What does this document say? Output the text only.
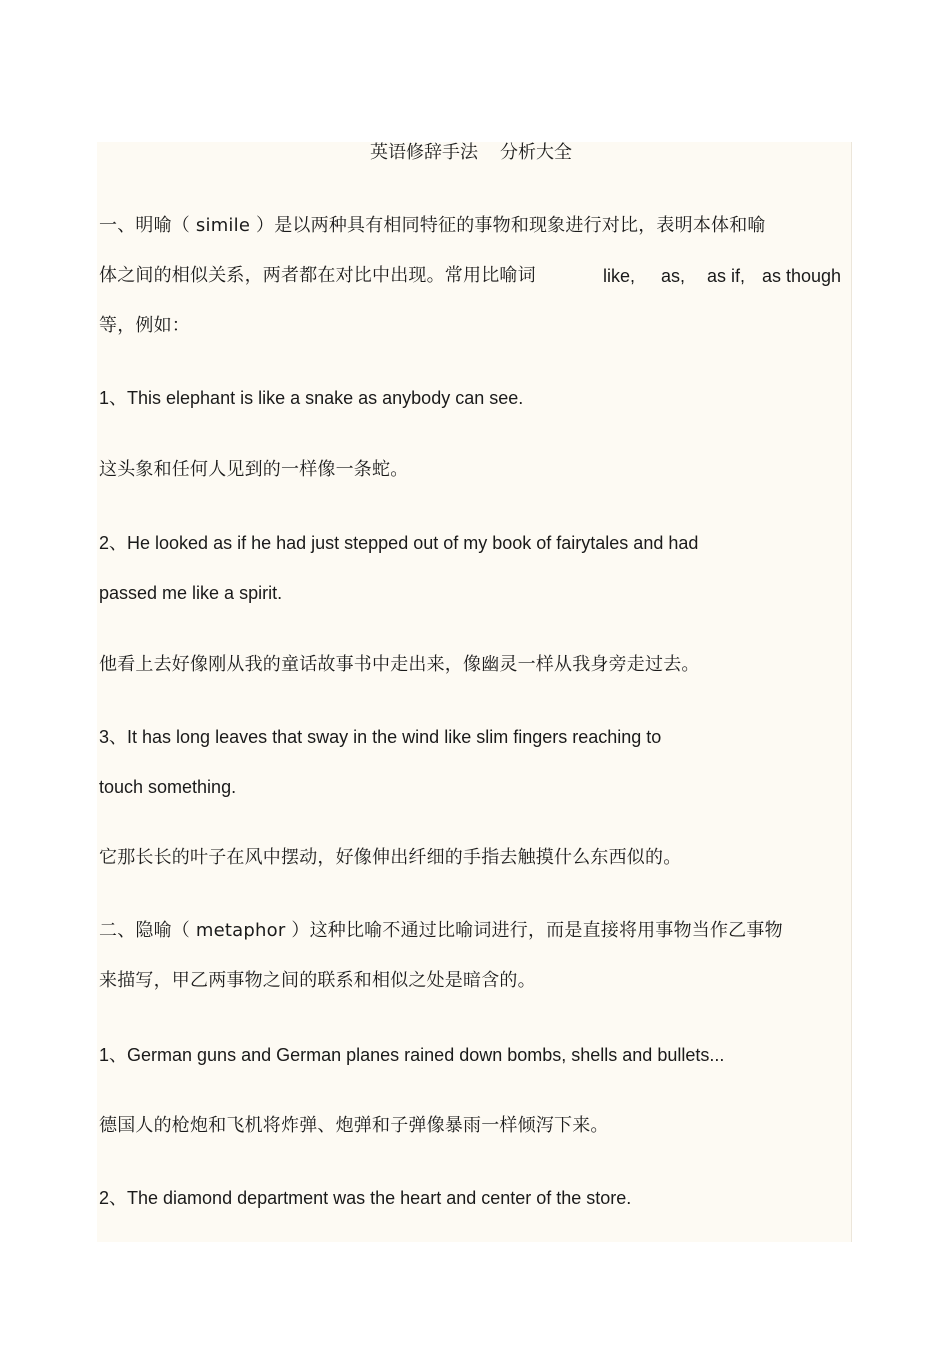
英语修辞手法 分析大全
一、明喻（ simile ）是以两种具有相同特征的事物和现象进行对比，表明本体和喻
体之间的相似关系，两者都在对比中出现。常用比喻词	like, as, as if, as though
等，例如：
1、This elephant is like a snake as anybody can see.
这头象和任何人见到的一样像一条蛇。
2、He looked as if he had just stepped out of my book of fairytales and had
passed me like a spirit.
他看上去好像刚从我的童话故事书中走出来，像幽灵一样从我身旁走过去。
3、It has long leaves that sway in the wind like slim fingers reaching to
touch something.
它那长长的叶子在风中摆动，好像伸出纤细的手指去触摸什么东西似的。
二、隐喻（ metaphor ）这种比喻不通过比喻词进行，而是直接将用事物当作乙事物
来描写，甲乙两事物之间的联系和相似之处是暗含的。
1、German guns and German planes rained down bombs, shells and bullets...
德国人的枪炮和飞机将炸弹、炮弹和子弹像暴雨一样倾泻下来。
2、The diamond department was the heart and center of the store.
